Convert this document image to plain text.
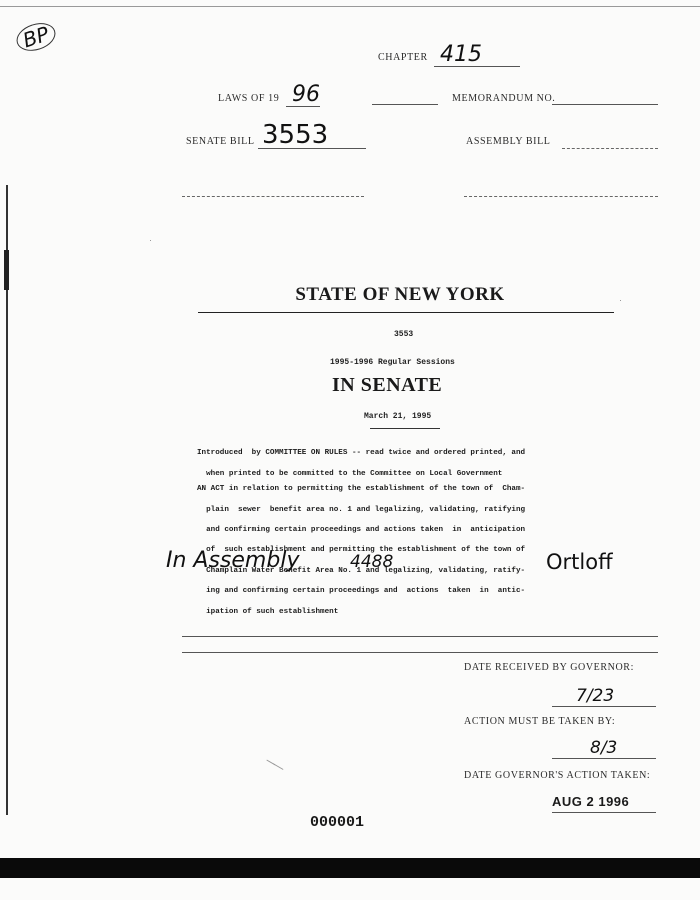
BP
CHAPTER 415
LAWS OF 19 96	MEMORANDUM NO.
SENATE BILL 3553	ASSEMBLY BILL
STATE OF NEW YORK
3553
1995-1996 Regular Sessions
IN SENATE
March 21, 1995

Introduced  by COMMITTEE ON RULES -- read twice and ordered printed, and

when printed to be committed to the Committee on Local Government

AN ACT in relation to permitting the establishment of the town of  Cham-

plain  sewer  benefit area no. 1 and legalizing, validating, ratifying

and confirming certain proceedings and actions taken  in  anticipation

of  such establishment and permitting the establishment of the town of

Champlain Water Benefit Area No. 1 and legalizing, validating, ratify-

ing and confirming certain proceedings and  actions  taken  in  antic-

ipation of such establishment

In Assembly	4488	Ortloff
DATE RECEIVED BY GOVERNOR:
7/23
ACTION MUST BE TAKEN BY:
8/3
DATE GOVERNOR'S ACTION TAKEN:
AUG 2 1996
000001
